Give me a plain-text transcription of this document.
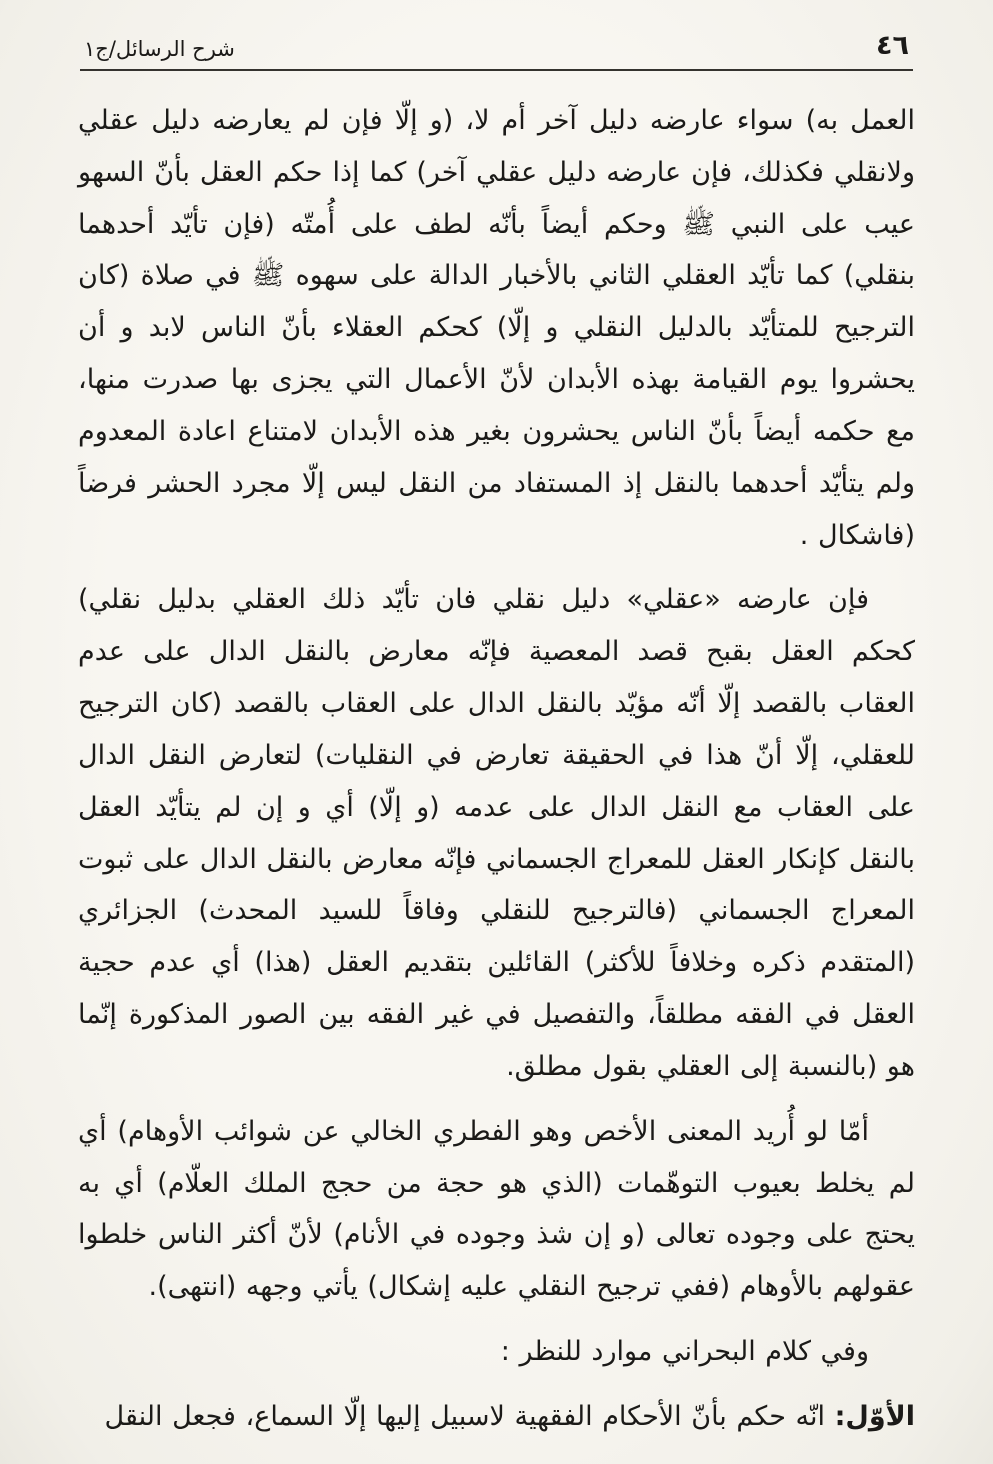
شرح الرسائل/ج١	٤٦

العمل به) سواء عارضه دليل آخر أم لا، (و إلّا فإن لم يعارضه دليل عقلي ولانقلي فكذلك، فإن عارضه دليل عقلي آخر) كما إذا حكم العقل بأنّ السهو عيب على النبي ﷺ وحكم أيضاً بأنّه لطف على أُمتّه (فإن تأيّد أحدهما بنقلي) كما تأيّد العقلي الثاني بالأخبار الدالة على سهوه ﷺ في صلاة (كان الترجيح للمتأيّد بالدليل النقلي و إلّا) كحكم العقلاء بأنّ الناس لابد و أن يحشروا يوم القيامة بهذه الأبدان لأنّ الأعمال التي يجزى بها صدرت منها، مع حكمه أيضاً بأنّ الناس يحشرون بغير هذه الأبدان لامتناع اعادة المعدوم ولم يتأيّد أحدهما بالنقل إذ المستفاد من النقل ليس إلّا مجرد الحشر فرضاً (فاشكال .

فإن عارضه «عقلي» دليل نقلي فان تأيّد ذلك العقلي بدليل نقلي) كحكم العقل بقبح قصد المعصية فإنّه معارض بالنقل الدال على عدم العقاب بالقصد إلّا أنّه مؤيّد بالنقل الدال على العقاب بالقصد (كان الترجيح للعقلي، إلّا أنّ هذا في الحقيقة تعارض في النقليات) لتعارض النقل الدال على العقاب مع النقل الدال على عدمه (و إلّا) أي و إن لم يتأيّد العقل بالنقل كإنكار العقل للمعراج الجسماني فإنّه معارض بالنقل الدال على ثبوت المعراج الجسماني (فالترجيح للنقلي وفاقاً للسيد المحدث) الجزائري (المتقدم ذكره وخلافاً للأكثر) القائلين بتقديم العقل (هذا) أي عدم حجية العقل في الفقه مطلقاً، والتفصيل في غير الفقه بين الصور المذكورة إنّما هو (بالنسبة إلى العقلي بقول مطلق.

أمّا لو أُريد المعنى الأخص وهو الفطري الخالي عن شوائب الأوهام) أي لم يخلط بعيوب التوهّمات (الذي هو حجة من حجج الملك العلّام) أي به يحتج على وجوده تعالى (و إن شذ وجوده في الأنام) لأنّ أكثر الناس خلطوا عقولهم بالأوهام (ففي ترجيح النقلي عليه إشكال) يأتي وجهه (انتهى).

وفي كلام البحراني موارد للنظر :

الأوّل: انّه حكم بأنّ الأحكام الفقهية لاسبيل إليها إلّا السماع، فجعل النقل
